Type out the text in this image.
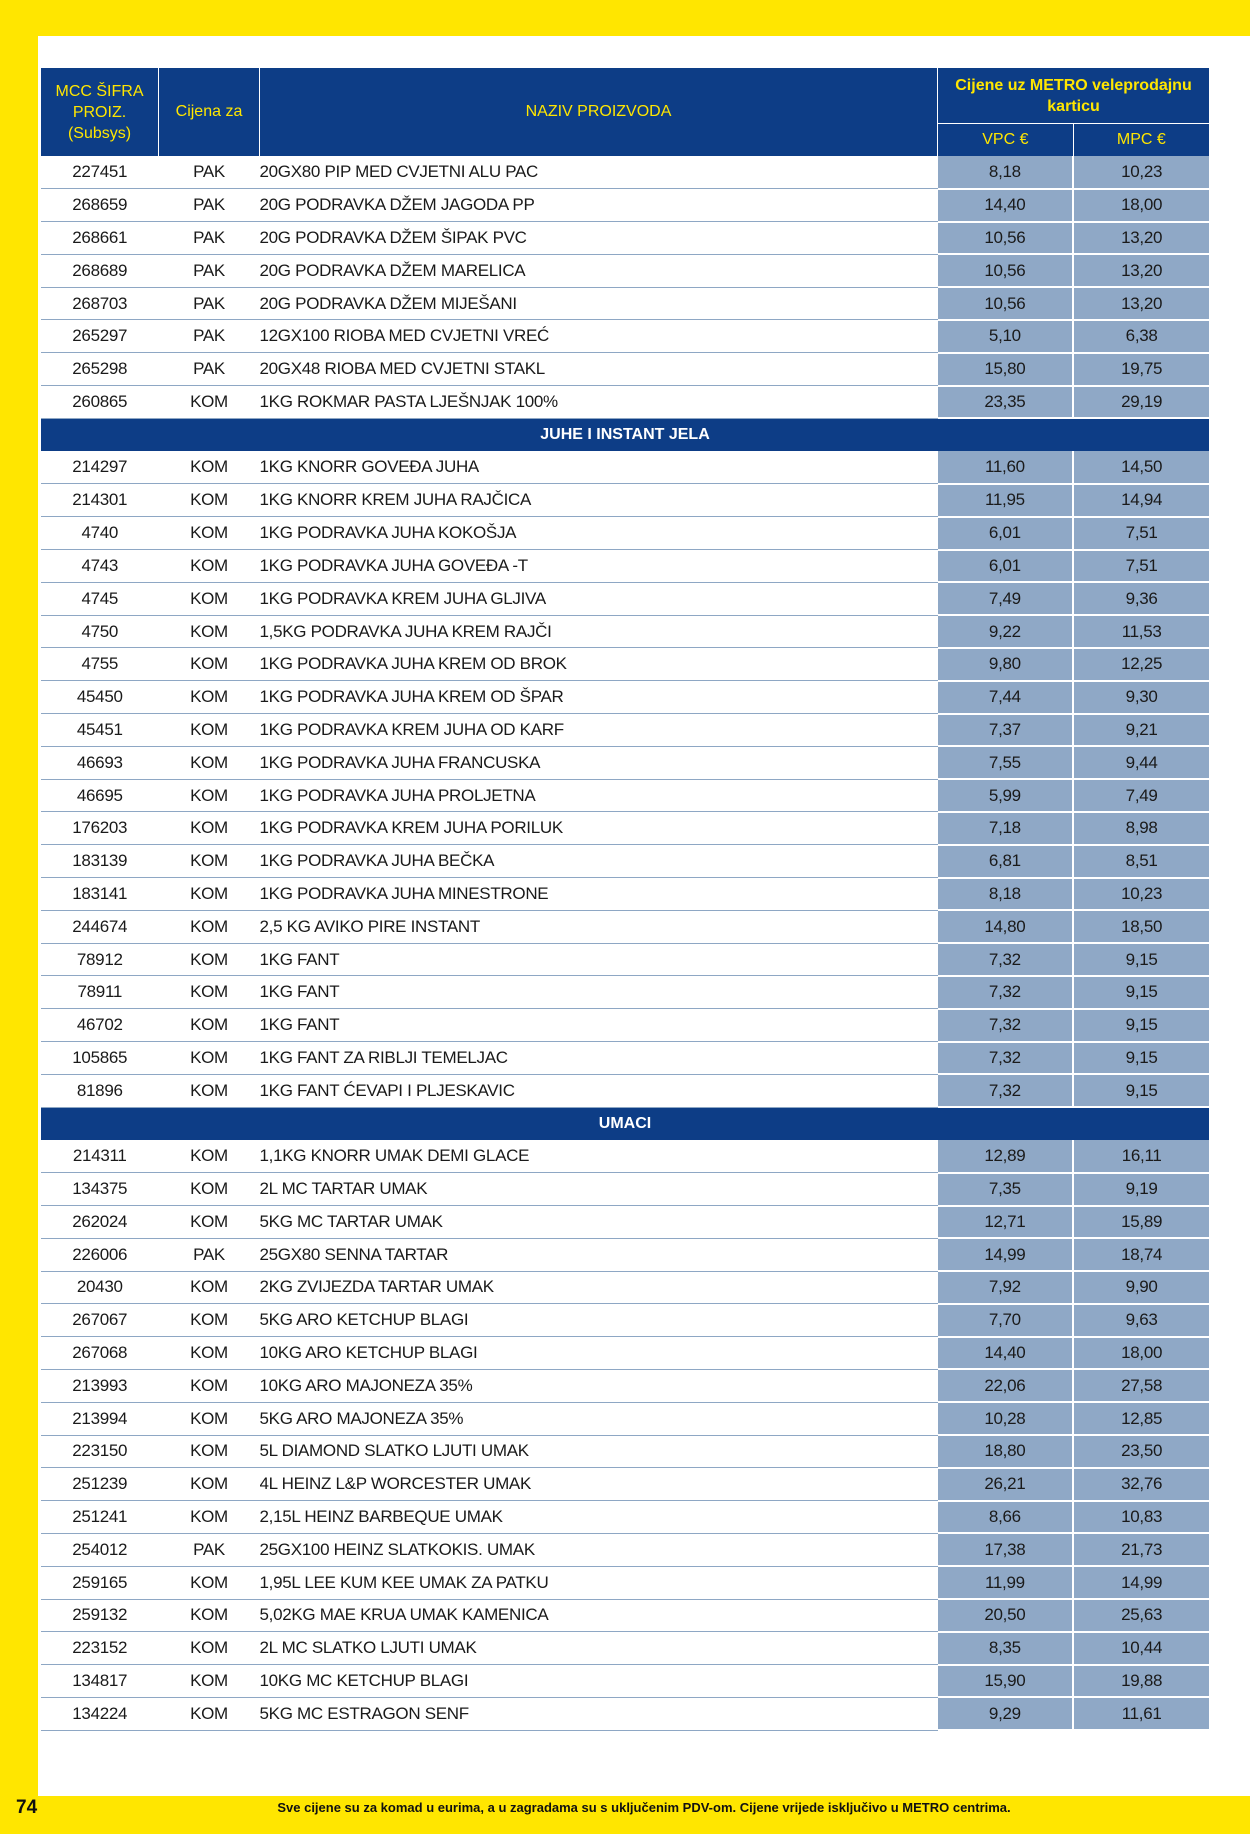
MCC ŠIFRA PROIZ. (Subsys)	Cijena za	NAZIV PROIZVODA	Cijene uz METRO veleprodajnu karticu	
			VPC €	MPC €
227451	PAK	20GX80 PIP MED CVJETNI ALU PAC	8,18	10,23
268659	PAK	20G PODRAVKA DŽEM JAGODA PP	14,40	18,00
268661	PAK	20G PODRAVKA DŽEM ŠIPAK PVC	10,56	13,20
268689	PAK	20G PODRAVKA DŽEM MARELICA	10,56	13,20
268703	PAK	20G PODRAVKA DŽEM MIJEŠANI	10,56	13,20
265297	PAK	12GX100 RIOBA MED CVJETNI VREĆ	5,10	6,38
265298	PAK	20GX48 RIOBA MED CVJETNI STAKL	15,80	19,75
260865	KOM	1KG ROKMAR PASTA LJEŠNJAK 100%	23,35	29,19
JUHE I INSTANT JELA				
214297	KOM	1KG KNORR GOVEĐA JUHA	11,60	14,50
214301	KOM	1KG KNORR KREM JUHA RAJČICA	11,95	14,94
4740	KOM	1KG PODRAVKA JUHA KOKOŠJA	6,01	7,51
4743	KOM	1KG PODRAVKA JUHA GOVEĐA -T	6,01	7,51
4745	KOM	1KG PODRAVKA KREM JUHA GLJIVA	7,49	9,36
4750	KOM	1,5KG PODRAVKA JUHA KREM RAJČI	9,22	11,53
4755	KOM	1KG PODRAVKA JUHA KREM OD BROK	9,80	12,25
45450	KOM	1KG PODRAVKA JUHA KREM OD ŠPAR	7,44	9,30
45451	KOM	1KG PODRAVKA KREM JUHA OD KARF	7,37	9,21
46693	KOM	1KG PODRAVKA JUHA FRANCUSKA	7,55	9,44
46695	KOM	1KG PODRAVKA JUHA PROLJETNA	5,99	7,49
176203	KOM	1KG PODRAVKA KREM JUHA PORILUK	7,18	8,98
183139	KOM	1KG PODRAVKA JUHA BEČKA	6,81	8,51
183141	KOM	1KG PODRAVKA JUHA MINESTRONE	8,18	10,23
244674	KOM	2,5 KG AVIKO PIRE INSTANT	14,80	18,50
78912	KOM	1KG FANT	7,32	9,15
78911	KOM	1KG FANT	7,32	9,15
46702	KOM	1KG FANT	7,32	9,15
105865	KOM	1KG FANT ZA RIBLJI TEMELJAC	7,32	9,15
81896	KOM	1KG FANT ĆEVAPI I PLJESKAVIC	7,32	9,15
UMACI				
214311	KOM	1,1KG KNORR UMAK DEMI GLACE	12,89	16,11
134375	KOM	2L MC TARTAR UMAK	7,35	9,19
262024	KOM	5KG MC TARTAR UMAK	12,71	15,89
226006	PAK	25GX80 SENNA TARTAR	14,99	18,74
20430	KOM	2KG ZVIJEZDA TARTAR UMAK	7,92	9,90
267067	KOM	5KG ARO KETCHUP BLAGI	7,70	9,63
267068	KOM	10KG ARO KETCHUP BLAGI	14,40	18,00
213993	KOM	10KG ARO MAJONEZA 35%	22,06	27,58
213994	KOM	5KG ARO MAJONEZA 35%	10,28	12,85
223150	KOM	5L DIAMOND SLATKO LJUTI UMAK	18,80	23,50
251239	KOM	4L HEINZ L&P WORCESTER UMAK	26,21	32,76
251241	KOM	2,15L HEINZ BARBEQUE UMAK	8,66	10,83
254012	PAK	25GX100 HEINZ SLATKOKIS. UMAK	17,38	21,73
259165	KOM	1,95L LEE KUM KEE UMAK ZA PATKU	11,99	14,99
259132	KOM	5,02KG MAE KRUA UMAK KAMENICA	20,50	25,63
223152	KOM	2L MC SLATKO LJUTI UMAK	8,35	10,44
134817	KOM	10KG MC KETCHUP BLAGI	15,90	19,88
134224	KOM	5KG MC ESTRAGON SENF	9,29	11,61
74	Sve cijene su za komad u eurima, a u zagradama su s uključenim PDV-om. Cijene vrijede isključivo u METRO centrima.
